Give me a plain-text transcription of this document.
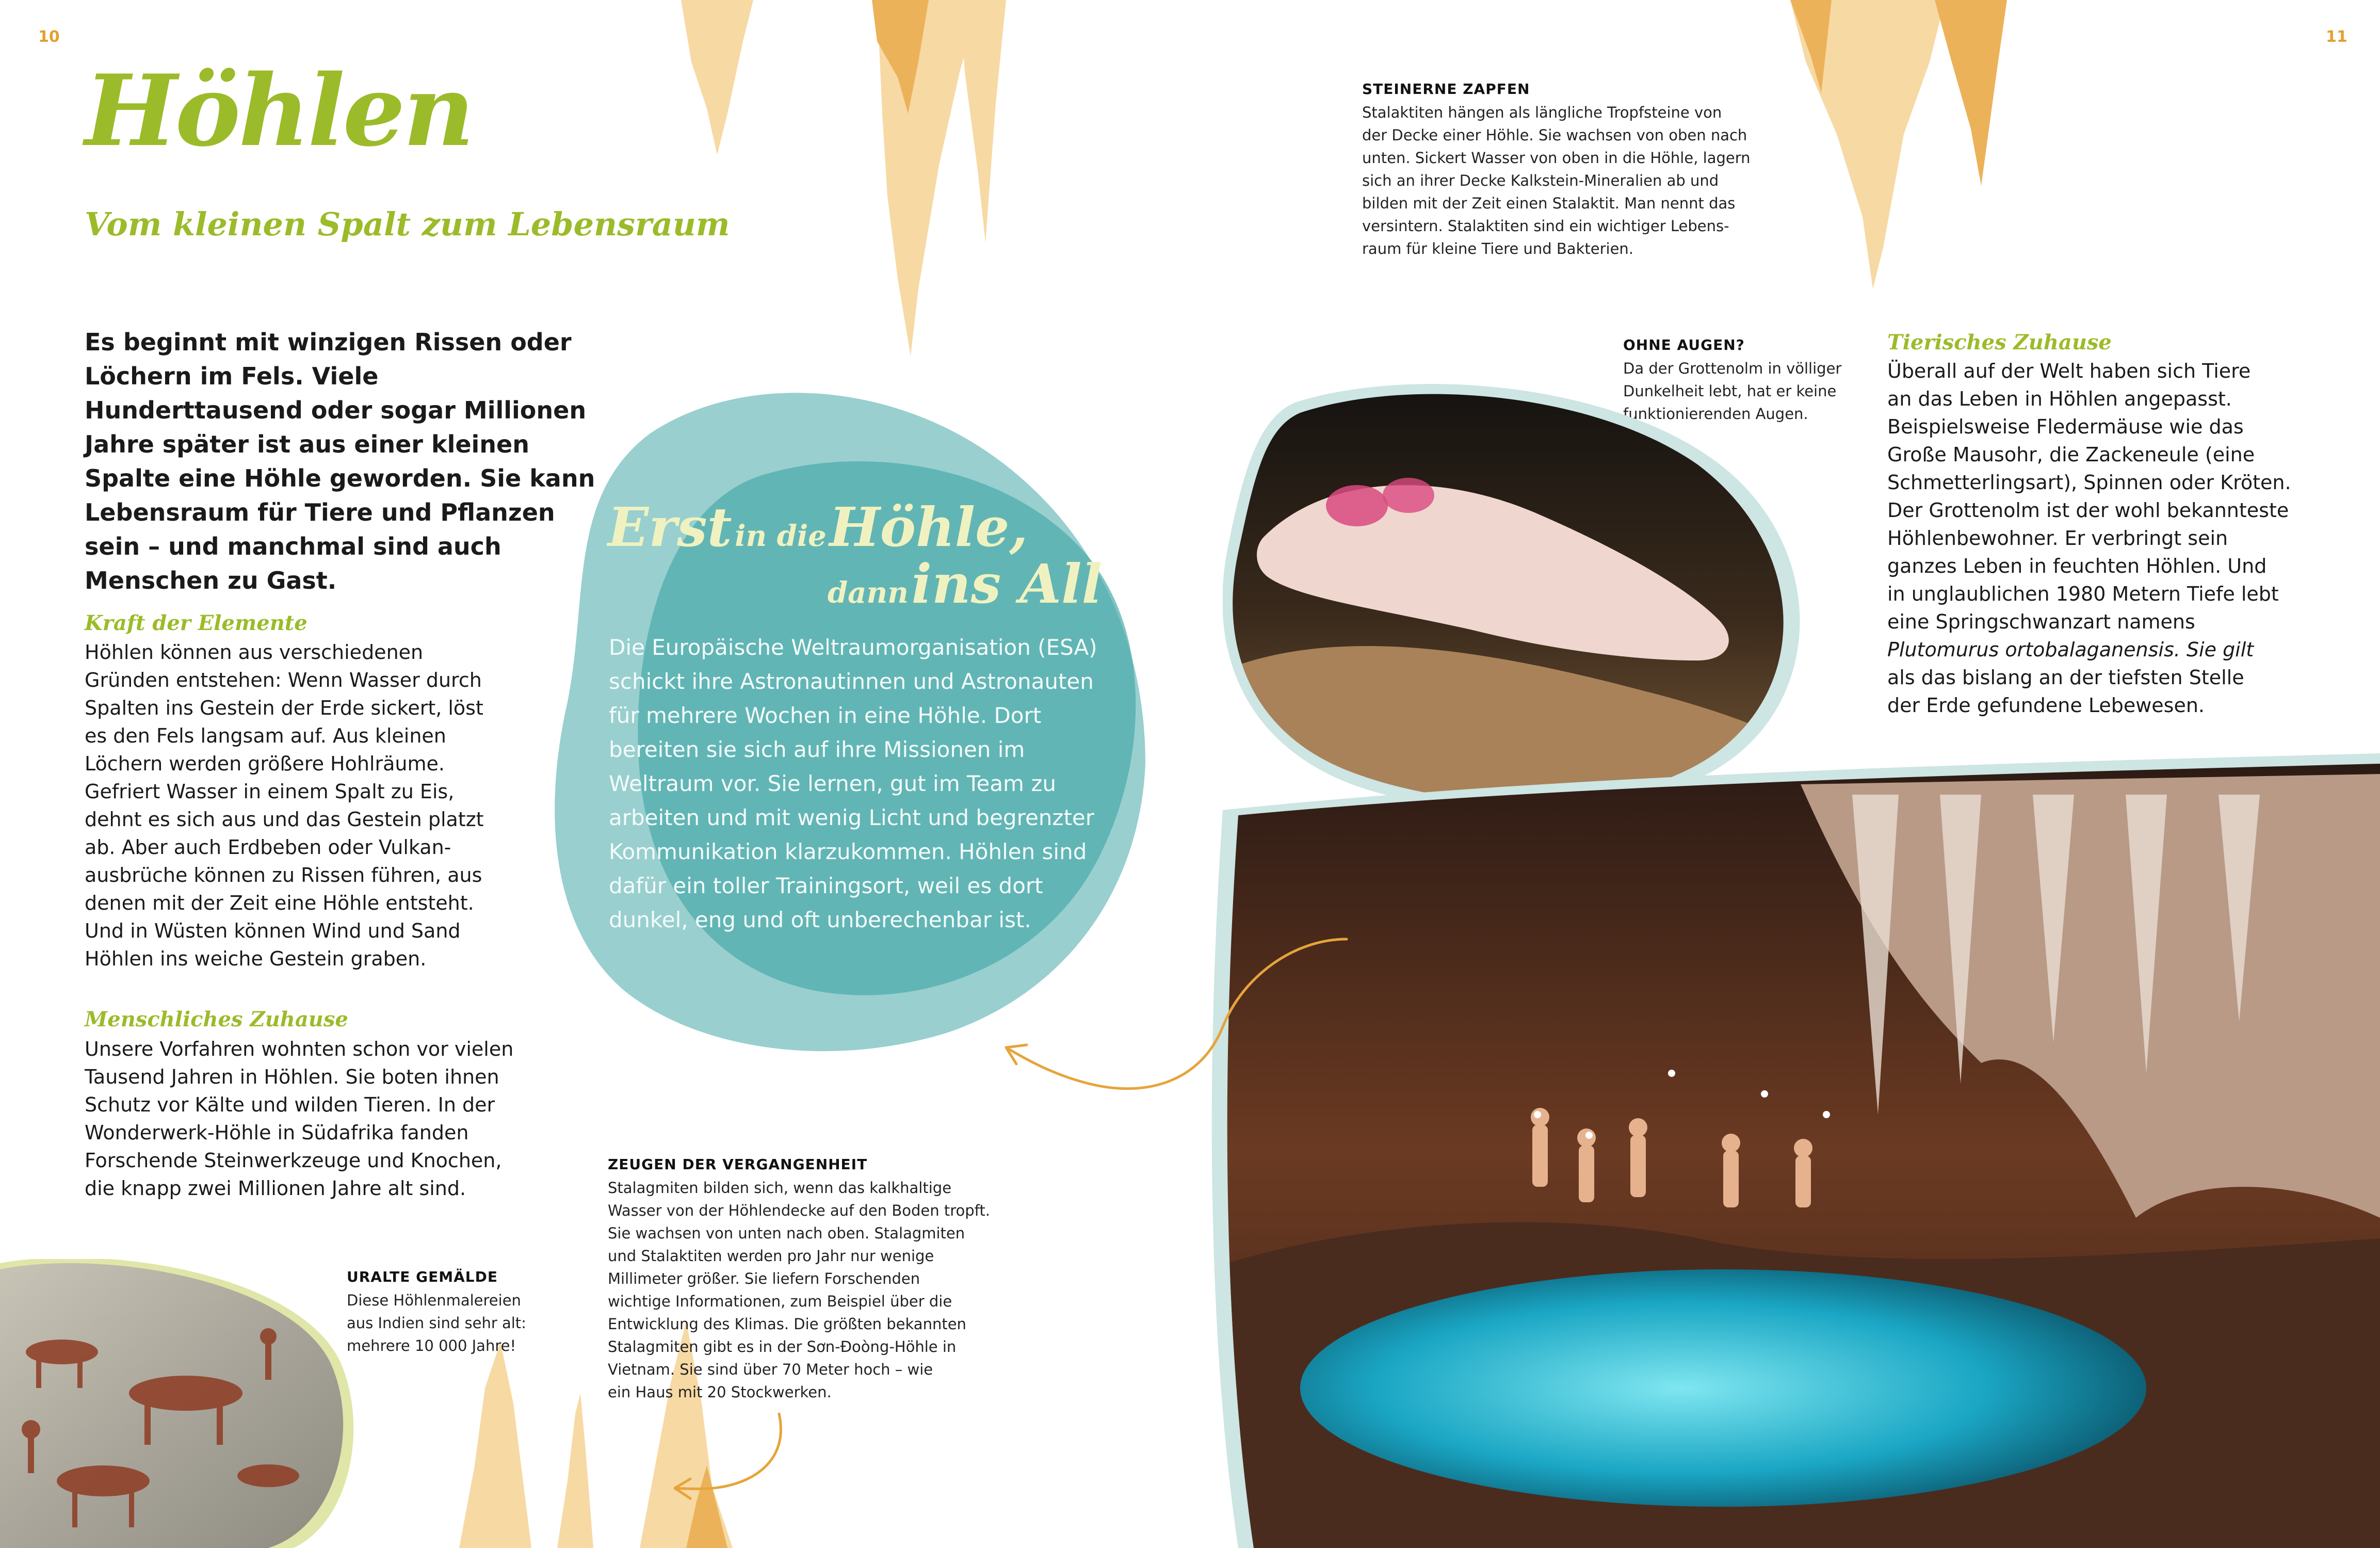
10	11
Höhlen
Vom kleinen Spalt zum Lebensraum
Es beginnt mit winzigen Rissen oder Löchern im Fels. Viele Hunderttausend oder sogar Millionen Jahre später ist aus einer kleinen Spalte eine Höhle geworden. Sie kann Lebensraum für Tiere und Pflanzen sein – und manchmal sind auch Menschen zu Gast.
Kraft der Elemente
Höhlen können aus verschiedenen
Gründen entstehen: Wenn Wasser durch
Spalten ins Gestein der Erde sickert, löst
es den Fels langsam auf. Aus kleinen
Löchern werden größere Hohlräume.
Gefriert Wasser in einem Spalt zu Eis,
dehnt es sich aus und das Gestein platzt
ab. Aber auch Erdbeben oder Vulkan-
ausbrüche können zu Rissen führen, aus
denen mit der Zeit eine Höhle entsteht.
Und in Wüsten können Wind und Sand
Höhlen ins weiche Gestein graben.
Menschliches Zuhause
Unsere Vorfahren wohnten schon vor vielen
Tausend Jahren in Höhlen. Sie boten ihnen
Schutz vor Kälte und wilden Tieren. In der
Wonderwerk-Höhle in Südafrika fanden
Forschende Steinwerkzeuge und Knochen,
die knapp zwei Millionen Jahre alt sind.
Erst in die Höhle,
dann ins All
Die Europäische Weltraumorganisation (ESA)
schickt ihre Astronautinnen und Astronauten
für mehrere Wochen in eine Höhle. Dort
bereiten sie sich auf ihre Missionen im
Weltraum vor. Sie lernen, gut im Team zu
arbeiten und mit wenig Licht und begrenzter
Kommunikation klarzukommen. Höhlen sind
dafür ein toller Trainingsort, weil es dort
dunkel, eng und oft unberechenbar ist.
STEINERNE ZAPFEN
Stalaktiten hängen als längliche Tropfsteine von
der Decke einer Höhle. Sie wachsen von oben nach
unten. Sickert Wasser von oben in die Höhle, lagern
sich an ihrer Decke Kalkstein-Mineralien ab und
bilden mit der Zeit einen Stalaktit. Man nennt das
versintern. Stalaktiten sind ein wichtiger Lebens-
raum für kleine Tiere und Bakterien.
OHNE AUGEN?
Da der Grottenolm in völliger
Dunkelheit lebt, hat er keine
funktionierenden Augen.
Tierisches Zuhause
Überall auf der Welt haben sich Tiere
an das Leben in Höhlen angepasst.
Beispielsweise Fledermäuse wie das
Große Mausohr, die Zackeneule (eine
Schmetterlingsart), Spinnen oder Kröten.
Der Grottenolm ist der wohl bekannteste
Höhlenbewohner. Er verbringt sein
ganzes Leben in feuchten Höhlen. Und
in unglaublichen 1980 Metern Tiefe lebt
eine Springschwanzart namens
Plutomurus ortobalaganensis. Sie gilt
als das bislang an der tiefsten Stelle
der Erde gefundene Lebewesen.
ZEUGEN DER VERGANGENHEIT
Stalagmiten bilden sich, wenn das kalkhaltige
Wasser von der Höhlendecke auf den Boden tropft.
Sie wachsen von unten nach oben. Stalagmiten
und Stalaktiten werden pro Jahr nur wenige
Millimeter größer. Sie liefern Forschenden
wichtige Informationen, zum Beispiel über die
Entwicklung des Klimas. Die größten bekannten
Stalagmiten gibt es in der Sơn-Đoòng-Höhle in
Vietnam. Sie sind über 70 Meter hoch – wie
ein Haus mit 20 Stockwerken.
URALTE GEMÄLDE
Diese Höhlenmalereien
aus Indien sind sehr alt:
mehrere 10 000 Jahre!
